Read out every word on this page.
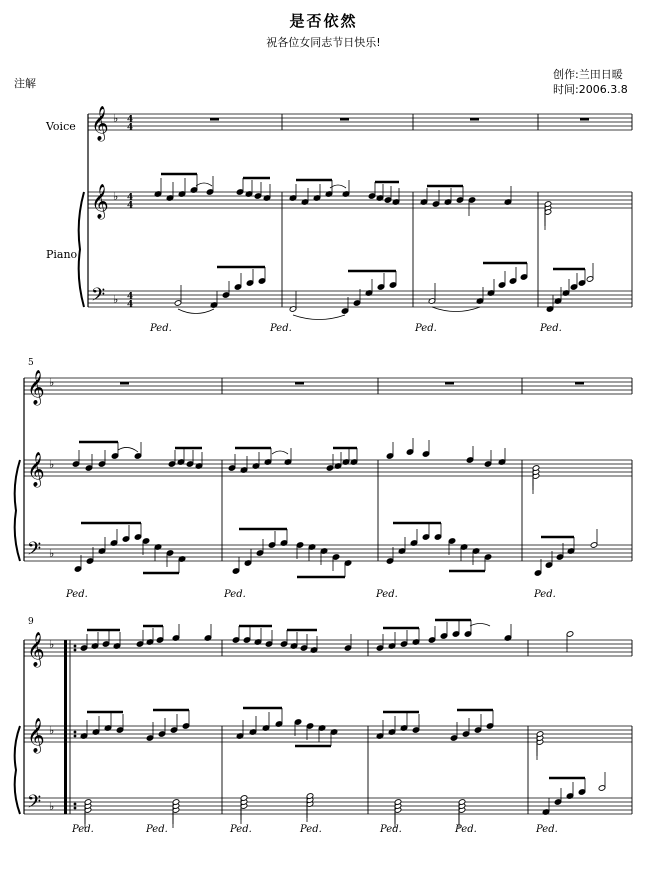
是否依然
祝各位女同志节日快乐!
创作:兰田日暖
时间:2006.3.8
注解
Voice
Piano
5
9
𝄞
𝄞
𝄢
♭
♭
♭
4
4
4
4
4
4
Ped.	Ped.	Ped.	Ped.
𝄞
𝄞
𝄢
♭
♭
♭
Ped.	Ped.	Ped.	Ped.
𝄞
𝄞
𝄢
♭
♭
♭
Ped.	Ped.	Ped.	Ped.	Ped.	Ped.	Ped.
